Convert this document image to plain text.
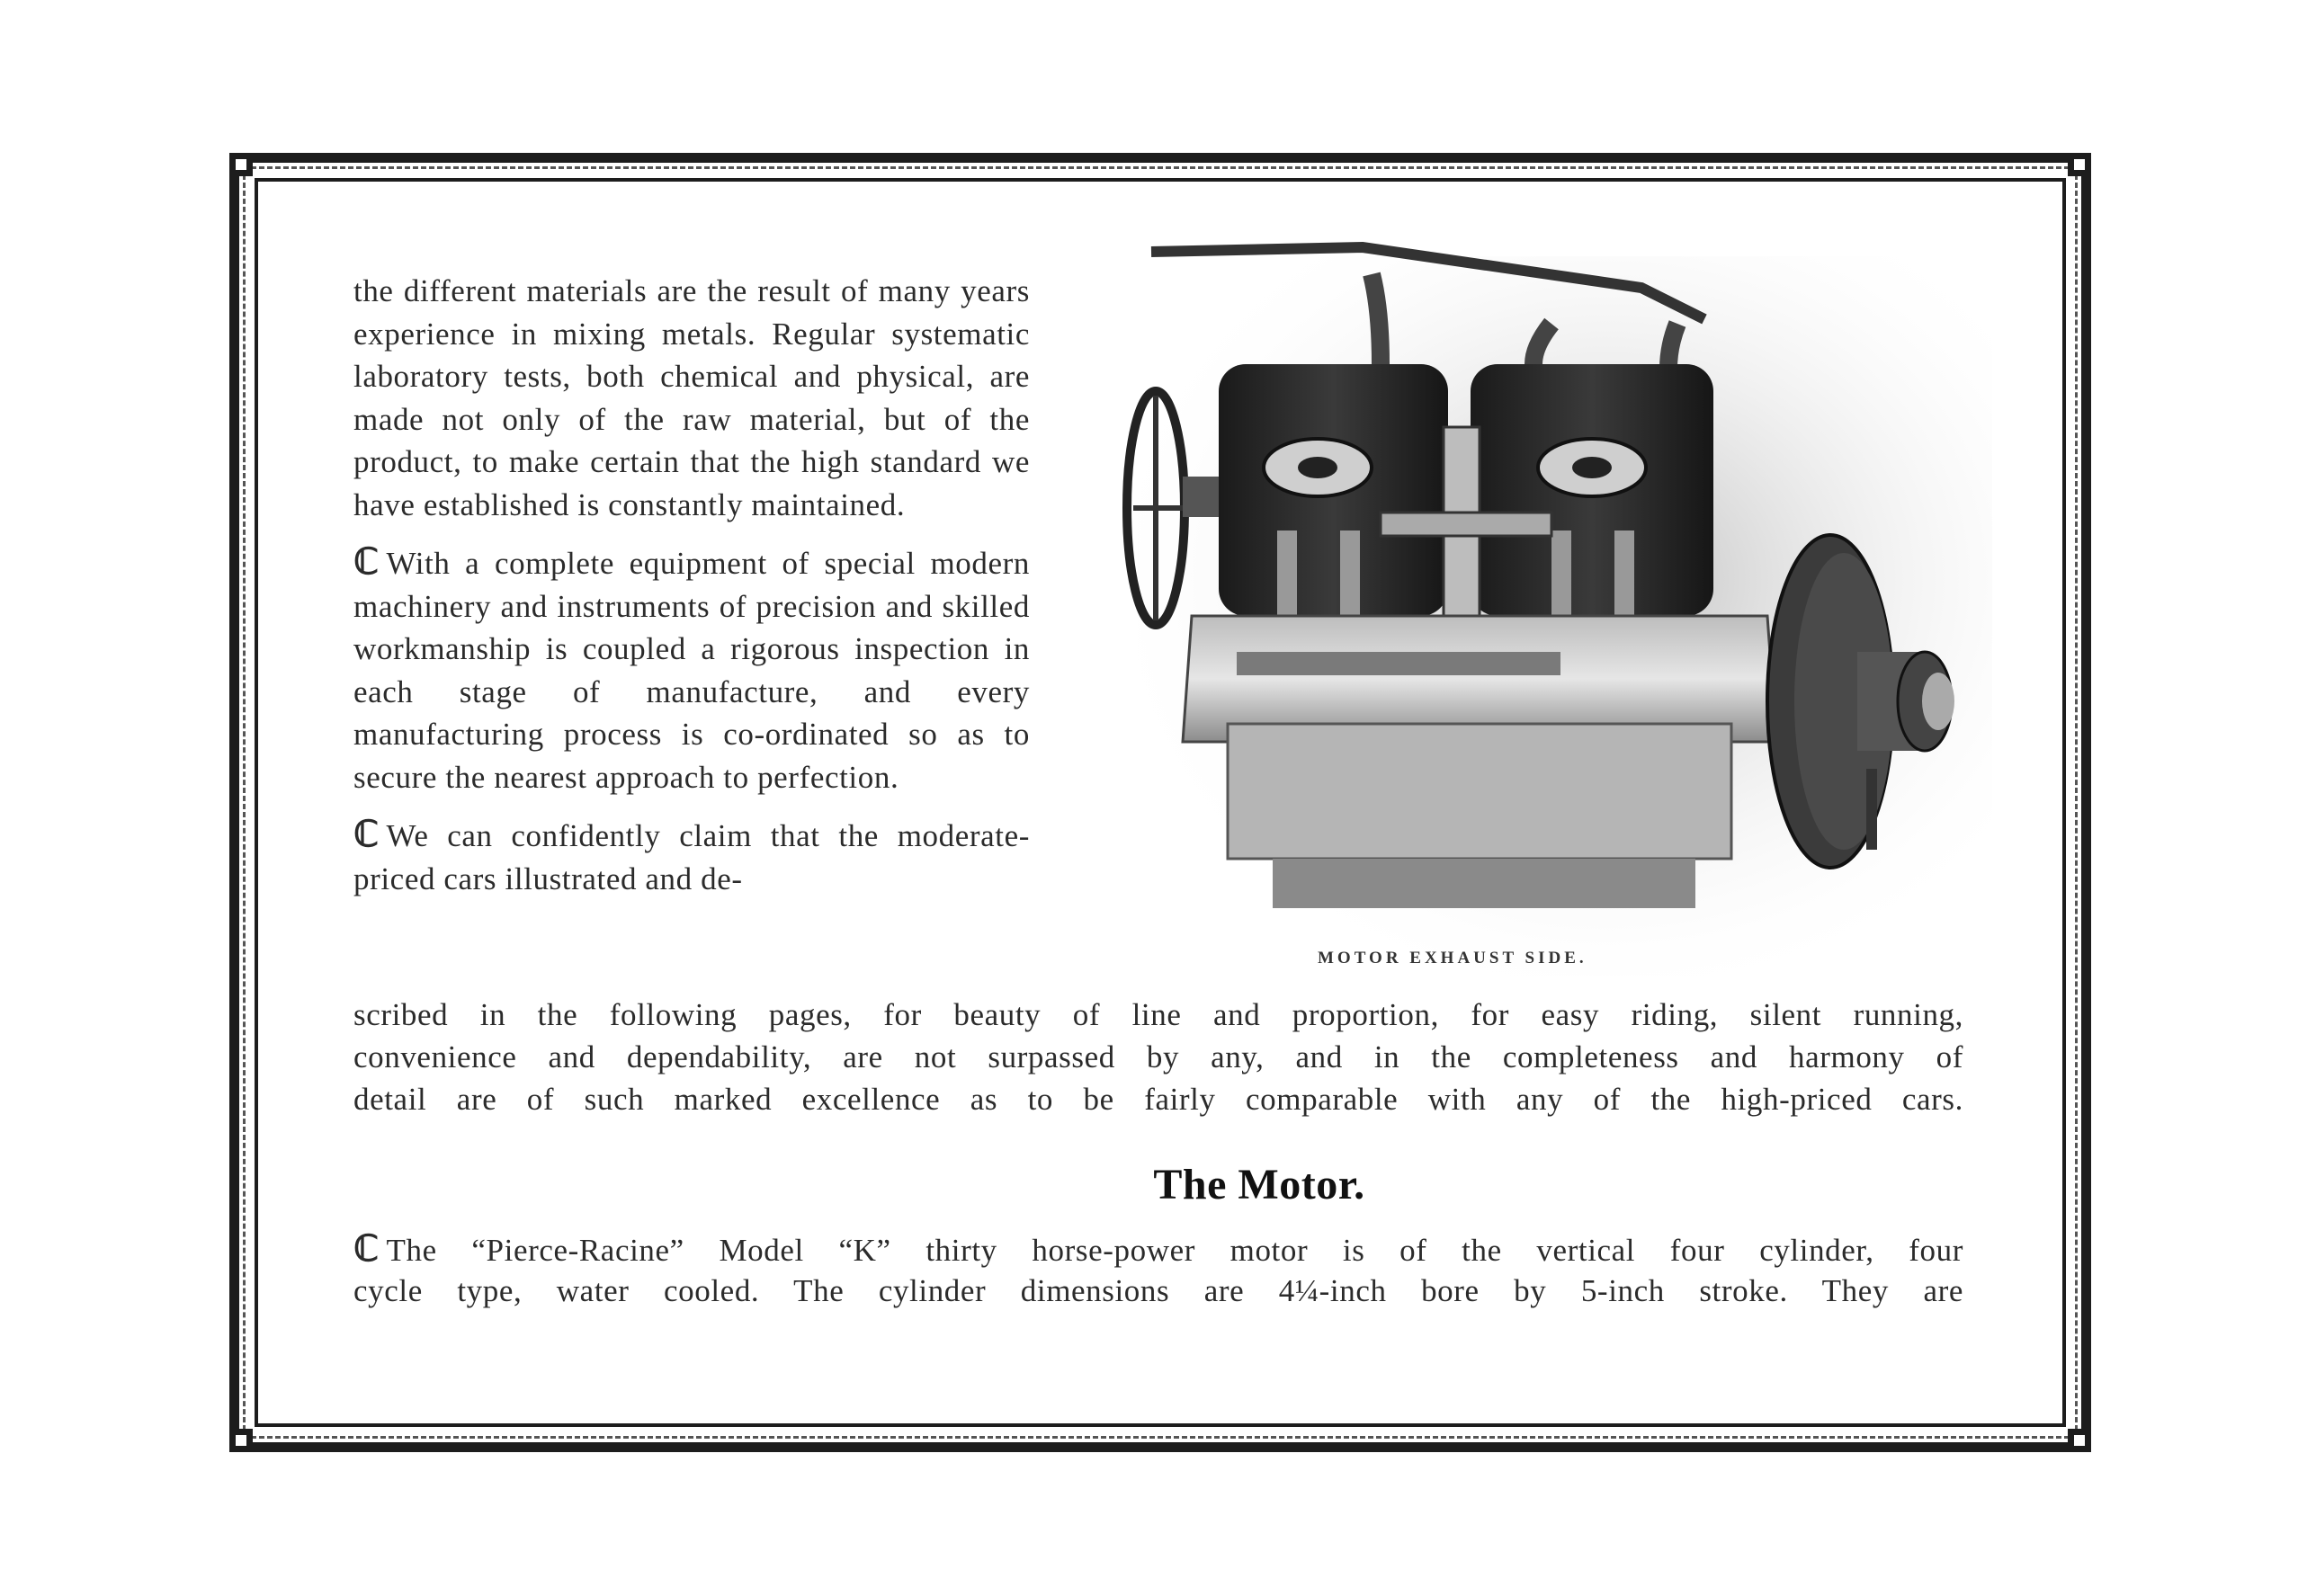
the different materials are the result of many years experience in mixing metals. Regular systematic laboratory tests, both chemical and physical, are made not only of the raw material, but of the product, to make certain that the high standard we have established is constantly maintained.

ℂ With a complete equipment of special modern machinery and instruments of precision and skilled workmanship is coupled a rigorous inspection in each stage of manufacture, and every manufacturing process is co-ordinated so as to secure the nearest approach to perfection.

ℂ We can confidently claim that the moderate-priced cars illustrated and de-

MOTOR EXHAUST SIDE.
scribed in the following pages, for beauty of line and proportion, for easy riding, silent running,
convenience and dependability, are not surpassed by any, and in the completeness and harmony of
detail are of such marked excellence as to be fairly comparable with any of the high-priced cars.
The Motor.
ℂ The “Pierce-Racine” Model “K” thirty horse-power motor is of the vertical four cylinder, four
cycle type, water cooled. The cylinder dimensions are 4¼-inch bore by 5-inch stroke. They are
